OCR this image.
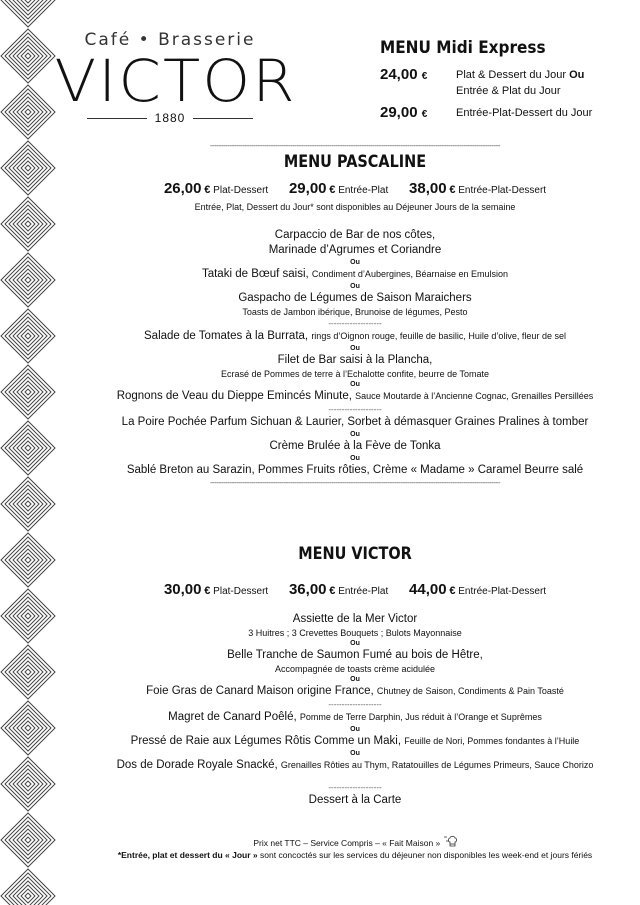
Café • Brasserie
VICTOR
1880
MENU Midi Express
24,00 €	Plat & Dessert du Jour Ou
Entrée & Plat du Jour
29,00 €	Entrée-Plat-Dessert du Jour
--------------------------------------------------------------------------------------------------------------------------------------
MENU PASCALINE
26,00 € Plat-Dessert 29,00 € Entrée-Plat 38,00 € Entrée-Plat-Dessert
Entrée, Plat, Dessert du Jour* sont disponibles au Déjeuner Jours de la semaine
Carpaccio de Bar de nos côtes,
Marinade d’Agrumes et Coriandre
Ou
Tataki de Bœuf saisi, Condiment d’Aubergines, Béarnaise en Emulsion
Ou
Gaspacho de Légumes de Saison Maraichers
Toasts de Jambon ibérique, Brunoise de légumes, Pesto
--------------------
Salade de Tomates à la Burrata, rings d’Oignon rouge, feuille de basilic, Huile d’olive, fleur de sel
Ou
Filet de Bar saisi à la Plancha,
Ecrasé de Pommes de terre à l’Echalotte confite, beurre de Tomate
Ou
Rognons de Veau du Dieppe Emincés Minute, Sauce Moutarde à l’Ancienne Cognac, Grenailles Persillées
--------------------
La Poire Pochée Parfum Sichuan & Laurier, Sorbet à démasquer Graines Pralines à tomber
Ou
Crème Brulée à la Fève de Tonka
Ou
Sablé Breton au Sarazin, Pommes Fruits rôties, Crème « Madame » Caramel Beurre salé
--------------------------------------------------------------------------------------------------------------------------------------
MENU VICTOR
30,00 € Plat-Dessert 36,00 € Entrée-Plat 44,00 € Entrée-Plat-Dessert
Assiette de la Mer Victor
3 Huitres ; 3 Crevettes Bouquets ; Bulots Mayonnaise
Ou
Belle Tranche de Saumon Fumé au bois de Hêtre,
Accompagnée de toasts crème acidulée
Ou
Foie Gras de Canard Maison origine France, Chutney de Saison, Condiments & Pain Toasté
--------------------
Magret de Canard Poêlé, Pomme de Terre Darphin, Jus réduit à l’Orange et Suprêmes
Ou
Pressé de Raie aux Légumes Rôtis Comme un Maki, Feuille de Nori, Pommes fondantes à l’Huile
Ou
Dos de Dorade Royale Snacké, Grenailles Rôties au Thym, Ratatouilles de Légumes Primeurs, Sauce Chorizo
--------------------
Dessert à la Carte
Prix net TTC – Service Compris – « Fait Maison »
*Entrée, plat et dessert du « Jour » sont concoctés sur les services du déjeuner non disponibles les week-end et jours fériés
